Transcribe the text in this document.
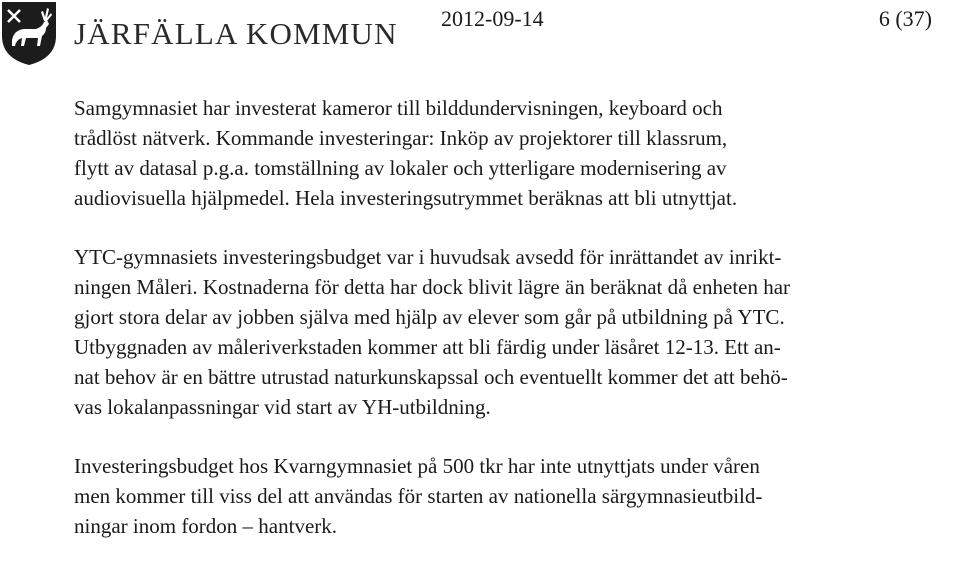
JÄRFÄLLA KOMMUN 2012-09-14	6 (37)

Samgymnasiet har investerat kameror till bilddundervisningen, keyboard och
trådlöst nätverk. Kommande investeringar: Inköp av projektorer till klassrum,
flytt av datasal p.g.a. tomställning av lokaler och ytterligare modernisering av
audiovisuella hjälpmedel. Hela investeringsutrymmet beräknas att bli utnyttjat.

YTC-gymnasiets investeringsbudget var i huvudsak avsedd för inrättandet av inrikt-
ningen Måleri. Kostnaderna för detta har dock blivit lägre än beräknat då enheten har
gjort stora delar av jobben själva med hjälp av elever som går på utbildning på YTC.
Utbyggnaden av måleriverkstaden kommer att bli färdig under läsåret 12-13. Ett an-
nat behov är en bättre utrustad naturkunskapssal och eventuellt kommer det att behö-
vas lokalanpassningar vid start av YH-utbildning.

Investeringsbudget hos Kvarngymnasiet på 500 tkr har inte utnyttjats under våren
men kommer till viss del att användas för starten av nationella särgymnasieutbild-
ningar inom fordon – hantverk.
